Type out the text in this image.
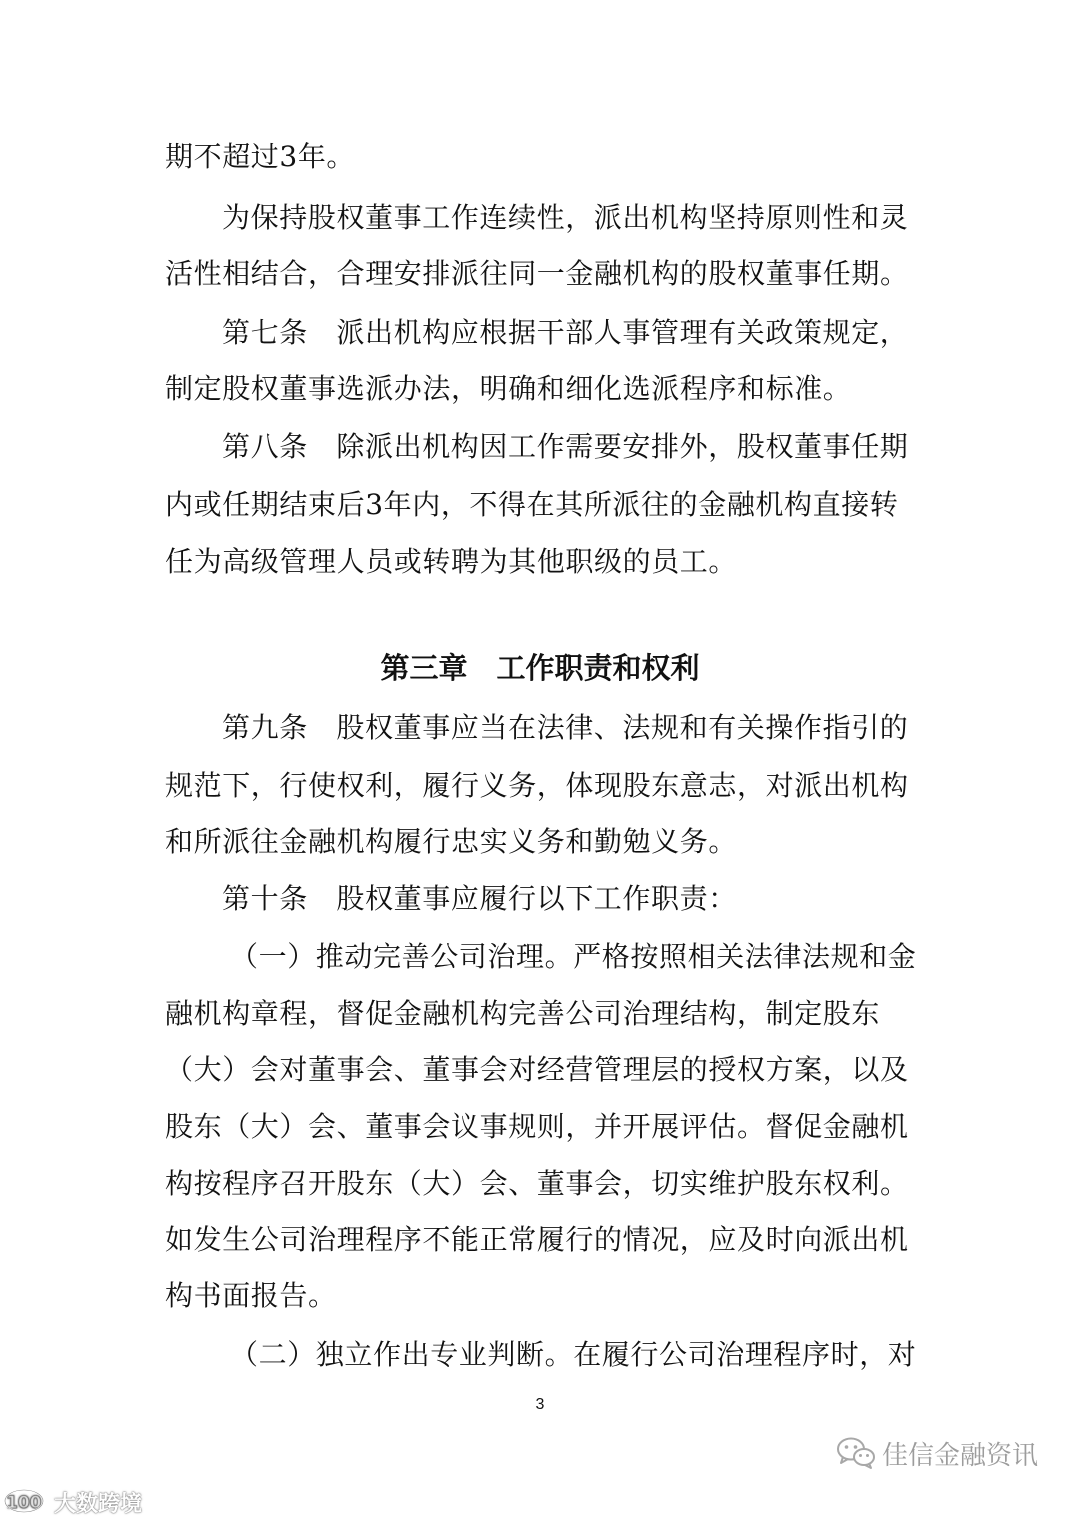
期不超过3年。
为保持股权董事工作连续性，派出机构坚持原则性和灵
活性相结合，合理安排派往同一金融机构的股权董事任期。
第七条　派出机构应根据干部人事管理有关政策规定，
制定股权董事选派办法，明确和细化选派程序和标准。
第八条　除派出机构因工作需要安排外，股权董事任期
内或任期结束后3年内，不得在其所派往的金融机构直接转
任为高级管理人员或转聘为其他职级的员工。
第三章　工作职责和权利
第九条　股权董事应当在法律、法规和有关操作指引的
规范下，行使权利，履行义务，体现股东意志，对派出机构
和所派往金融机构履行忠实义务和勤勉义务。
第十条　股权董事应履行以下工作职责：
（一）推动完善公司治理。严格按照相关法律法规和金
融机构章程，督促金融机构完善公司治理结构，制定股东
（大）会对董事会、董事会对经营管理层的授权方案，以及
股东（大）会、董事会议事规则，并开展评估。督促金融机
构按程序召开股东（大）会、董事会，切实维护股东权利。
如发生公司治理程序不能正常履行的情况，应及时向派出机
构书面报告。
（二）独立作出专业判断。在履行公司治理程序时，对
3
佳信金融资讯
100 大数跨境
